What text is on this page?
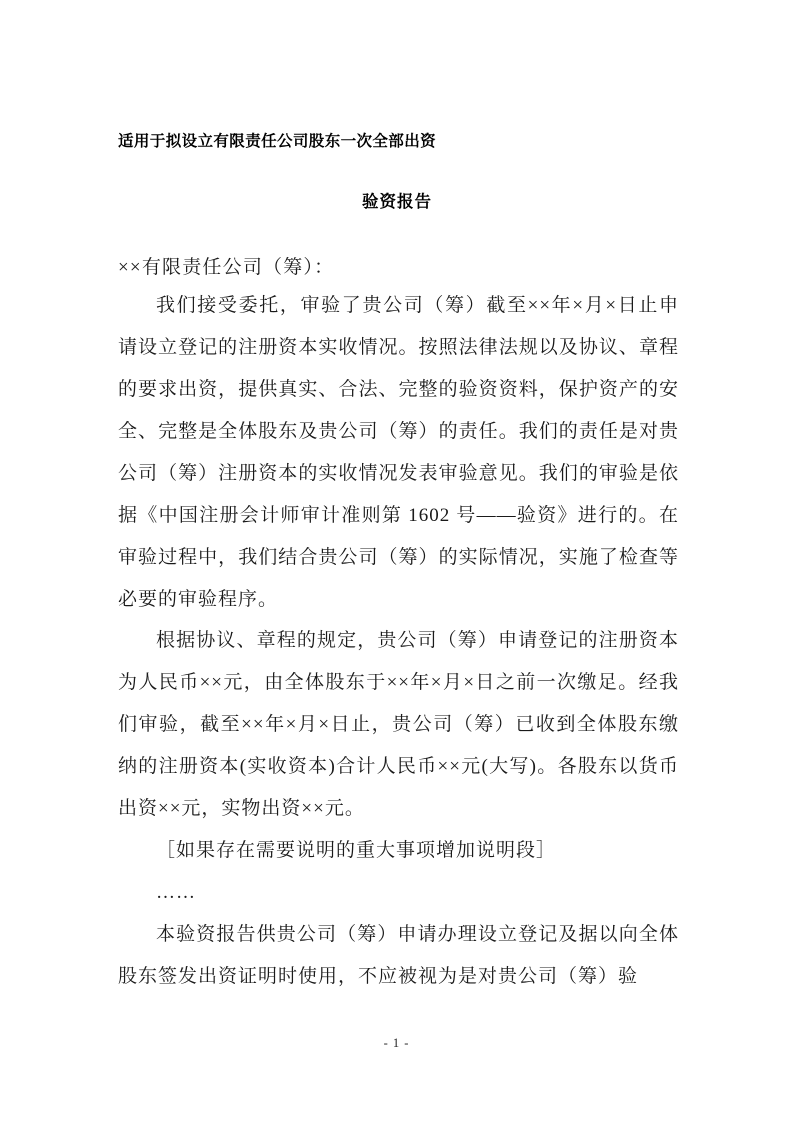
适用于拟设立有限责任公司股东一次全部出资
验资报告
××有限责任公司（筹）：

我们接受委托，审验了贵公司（筹）截至××年×月×日止申请设立登记的注册资本实收情况。按照法律法规以及协议、章程的要求出资，提供真实、合法、完整的验资资料，保护资产的安全、完整是全体股东及贵公司（筹）的责任。我们的责任是对贵公司（筹）注册资本的实收情况发表审验意见。我们的审验是依据《中国注册会计师审计准则第 1602 号——验资》进行的。在审验过程中，我们结合贵公司（筹）的实际情况，实施了检查等必要的审验程序。

根据协议、章程的规定，贵公司（筹）申请登记的注册资本为人民币××元，由全体股东于××年×月×日之前一次缴足。经我们审验，截至××年×月×日止，贵公司（筹）已收到全体股东缴纳的注册资本(实收资本)合计人民币××元(大写)。各股东以货币出资××元，实物出资××元。

［如果存在需要说明的重大事项增加说明段］

……

本验资报告供贵公司（筹）申请办理设立登记及据以向全体股东签发出资证明时使用，不应被视为是对贵公司（筹）验

- 1 -
